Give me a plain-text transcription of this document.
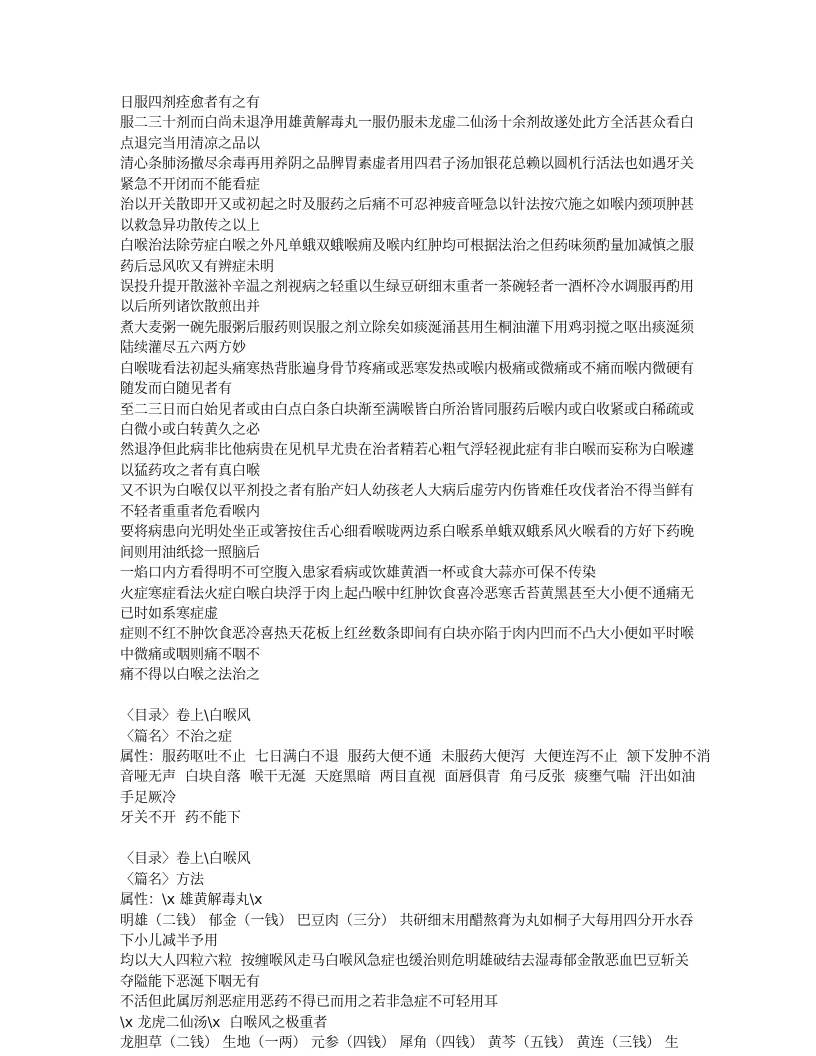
日服四剂痊愈者有之有
服二三十剂而白尚未退净用雄黄解毒丸一服仍服未龙虚二仙汤十余剂故遂处此方全活甚众看白
点退完当用清凉之品以
清心条肺汤撤尽余毒再用养阴之品脾胃素虚者用四君子汤加银花总赖以圆机行活法也如遇牙关
紧急不开闭而不能看症
治以开关散即开又或初起之时及服药之后痛不可忍神疲音哑急以针法按穴施之如喉内颈项肿甚
以救急异功散传之以上
白喉治法除劳症白喉之外凡单蛾双蛾喉痈及喉内红肿均可根据法治之但药味须酌量加减慎之服
药后忌风吹又有辨症未明
误投升提开散滋补辛温之剂视病之轻重以生绿豆研细末重者一茶碗轻者一酒杯冷水调服再酌用
以后所列诸饮散煎出并
煮大麦粥一碗先服粥后服药则误服之剂立除矣如痰涎涌甚用生桐油灌下用鸡羽搅之呕出痰涎须
陆续灌尽五六两方妙
白喉咙看法初起头痛寒热背胀遍身骨节疼痛或恶寒发热或喉内极痛或微痛或不痛而喉内微硬有
随发而白随见者有
至二三日而白始见者或由白点白条白块渐至满喉皆白所治皆同服药后喉内或白收紧或白稀疏或
白微小或白转黄久之必
然退净但此病非比他病贵在见机早尤贵在治者精若心粗气浮轻视此症有非白喉而妄称为白喉遽
以猛药攻之者有真白喉
又不识为白喉仅以平剂投之者有胎产妇人幼孩老人大病后虚劳内伤皆难任攻伐者治不得当鲜有
不轻者重重者危看喉内
要将病患向光明处坐正或箸按住舌心细看喉咙两边系白喉系单蛾双蛾系风火喉看的方好下药晚
间则用油纸捻一照脑后
一焰口内方看得明不可空腹入患家看病或饮雄黄酒一杯或食大蒜亦可保不传染
火症寒症看法火症白喉白块浮于肉上起凸喉中红肿饮食喜冷恶寒舌苔黄黑甚至大小便不通痛无
已时如系寒症虚
症则不红不肿饮食恶冷喜热天花板上红丝数条即间有白块亦陷于肉内凹而不凸大小便如平时喉
中微痛或咽则痛不咽不
痛不得以白喉之法治之
〈目录〉卷上\白喉风
〈篇名〉不治之症
属性：服药呕吐不止  七日满白不退  服药大便不通  未服药大便泻  大便连泻不止  颔下发肿不消
音哑无声  白块自落  喉干无涎  天庭黑暗  两目直视  面唇俱青  角弓反张  痰壅气喘  汗出如油
手足厥冷
牙关不开  药不能下
〈目录〉卷上\白喉风
〈篇名〉方法
属性：\x 雄黄解毒丸\x
明雄（二钱） 郁金（一钱） 巴豆肉（三分） 共研细末用醋熬膏为丸如桐子大每用四分开水吞
下小儿减半予用
均以大人四粒六粒  按缠喉风走马白喉风急症也缓治则危明雄破结去湿毒郁金散恶血巴豆斩关
夺隘能下恶涎下咽无有
不活但此属厉剂恶症用恶药不得已而用之若非急症不可轻用耳
\x 龙虎二仙汤\x  白喉风之极重者
龙胆草（二钱） 生地（一两） 元参（四钱） 犀角（四钱） 黄芩（五钱） 黄连（三钱） 生
